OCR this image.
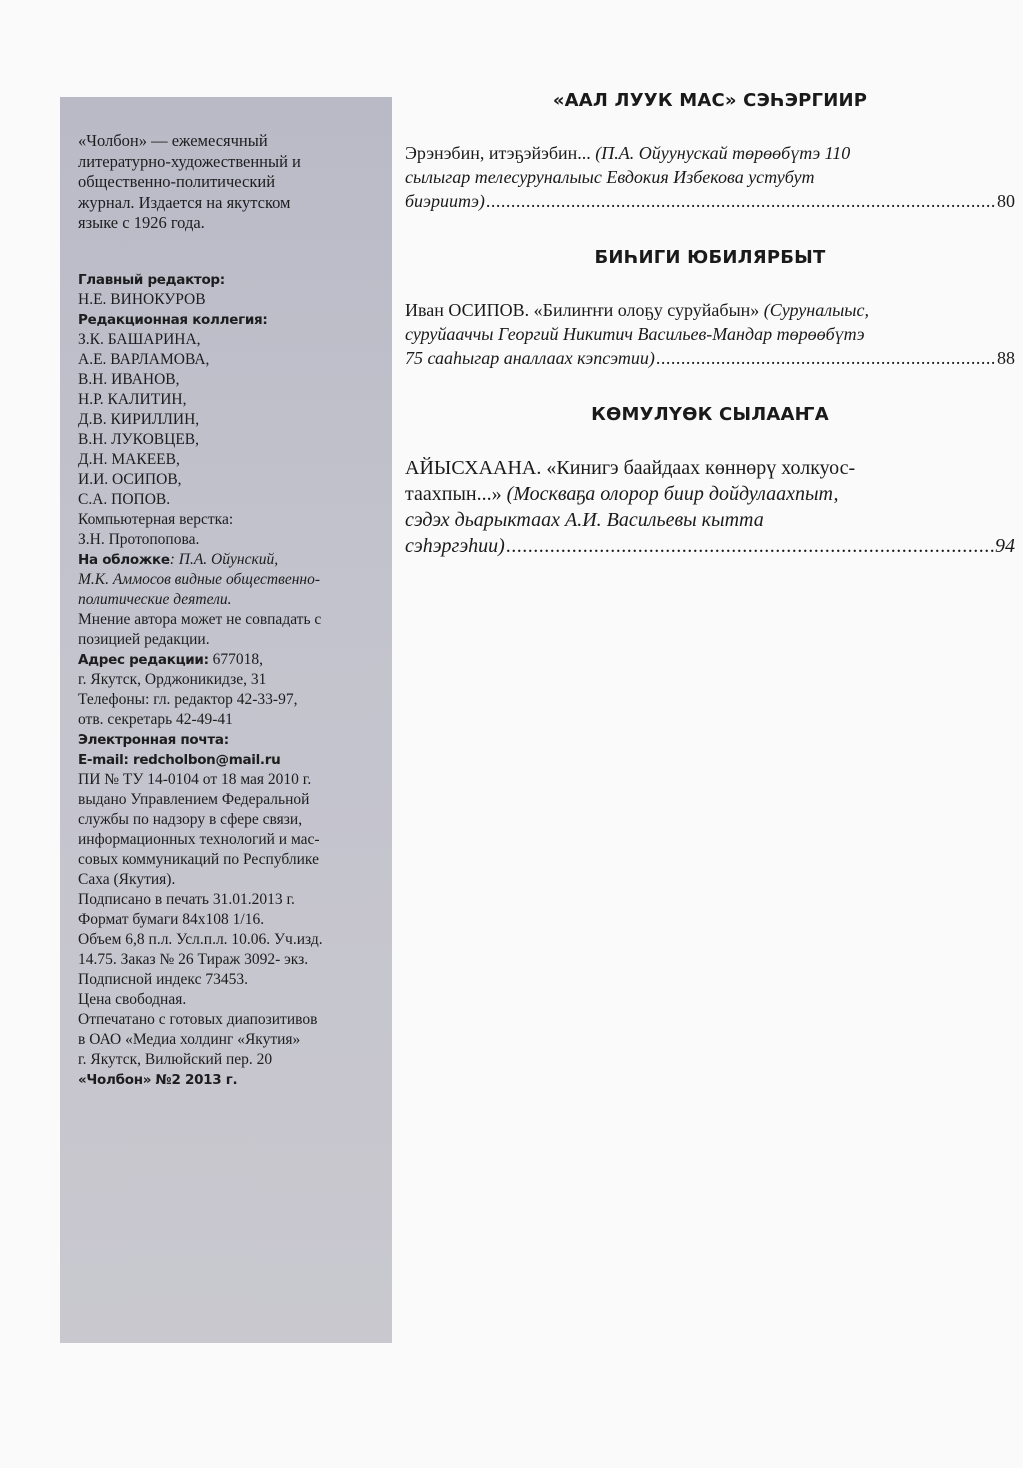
«Чолбон» — ежемесячный
литературно-художественный и
общественно-политический
журнал. Издается на якутском
языке с 1926 года.

Главный редактор:
Н.Е. ВИНОКУРОВ

Редакционная коллегия:
З.К. БАШАРИНА,
А.Е. ВАРЛАМОВА,
В.Н. ИВАНОВ,
Н.Р. КАЛИТИН,
Д.В. КИРИЛЛИН,
В.Н. ЛУКОВЦЕВ,
Д.Н. МАКЕЕВ,
И.И. ОСИПОВ,
С.А. ПОПОВ.

Компьютерная верстка:
З.Н. Протопопова.

На обложке: П.А. Ойунский,
М.К. Аммосов видные общественно-
политические деятели.

Мнение автора может не совпадать с
позицией редакции.

Адрес редакции: 677018,
г. Якутск, Орджоникидзе, 31
Телефоны: гл. редактор 42-33-97,
отв. секретарь 42-49-41

Электронная почта:
E-mail: redcholbon@mail.ru

ПИ № ТУ 14-0104 от 18 мая 2010 г.
выдано Управлением Федеральной
службы по надзору в сфере связи,
информационных технологий и мас-
совых коммуникаций по Республике
Саха (Якутия).

Подписано в печать 31.01.2013 г.
Формат бумаги 84х108 1/16.
Объем 6,8 п.л. Усл.п.л. 10.06. Уч.изд.
14.75. Заказ № 26 Тираж 3092- экз.
Подписной индекс 73453.
Цена свободная.

Отпечатано с готовых диапозитивов
в ОАО «Медиа холдинг «Якутия»
г. Якутск, Вилюйский пер. 20

«Чолбон» №2 2013 г.

«ААЛ ЛУУК МАС» СЭҺЭРГИИР
Эрэнэбин, итэҕэйэбин... (П.А. Ойуунускай төрөөбүтэ 110
сылыгар телесуруналыыс Евдокия Избекова устубут
биэриитэ) .....	80
БИҺИГИ ЮБИЛЯРБЫТ
Иван ОСИПОВ. «Билиҥҥи олоҕу суруйабын» (Суруналыыс,
суруйааччы Георгий Никитич Васильев-Мандар төрөөбүтэ
75 сааһыгар аналлаах кэпсэтии) .....	88
КӨМУЛҮӨК СЫЛААҤА
АЙЫСХААНА. «Кинигэ баайдаах көннөрү холкуос-
таахпын...» (Москваҕа олорор биир дойдулаахпыт,
сэдэх дьарыктаах А.И. Васильевы кытта
сэһэргэһии) .....	94
